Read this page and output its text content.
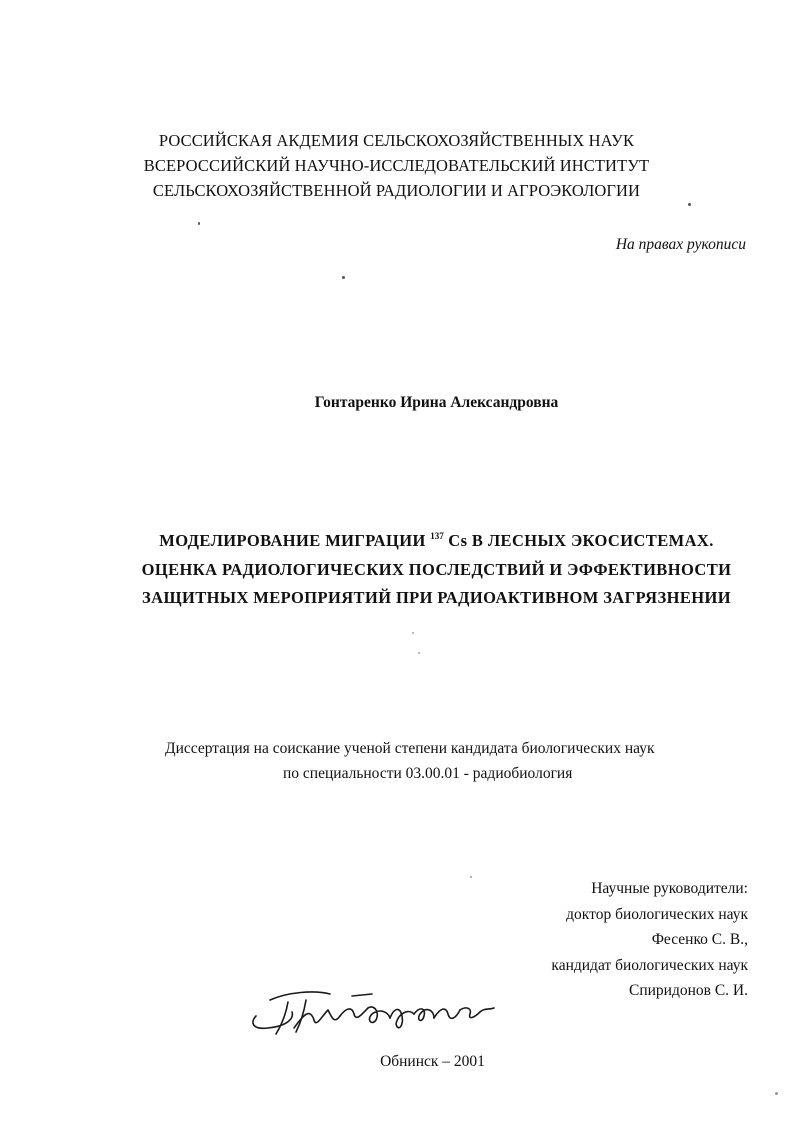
РОССИЙСКАЯ АКДЕМИЯ СЕЛЬСКОХОЗЯЙСТВЕННЫХ НАУК
ВСЕРОССИЙСКИЙ НАУЧНО-ИССЛЕДОВАТЕЛЬСКИЙ ИНСТИТУТ
СЕЛЬСКОХОЗЯЙСТВЕННОЙ РАДИОЛОГИИ И АГРОЭКОЛОГИИ
На правах рукописи
Гонтаренко Ирина Александровна
МОДЕЛИРОВАНИЕ МИГРАЦИИ $^{137}$ Cs В ЛЕСНЫХ ЭКОСИСТЕМАХ.
ОЦЕНКА РАДИОЛОГИЧЕСКИХ ПОСЛЕДСТВИЙ И ЭФФЕКТИВНОСТИ
ЗАЩИТНЫХ МЕРОПРИЯТИЙ ПРИ РАДИОАКТИВНОМ ЗАГРЯЗНЕНИИ
Диссертация на соискание ученой степени кандидата биологических наук
по специальности 03.00.01 - радиобиология
Научные руководители:
доктор биологических наук
Фесенко С. В.,
кандидат биологических наук
Спиридонов С. И.
Обнинск – 2001
